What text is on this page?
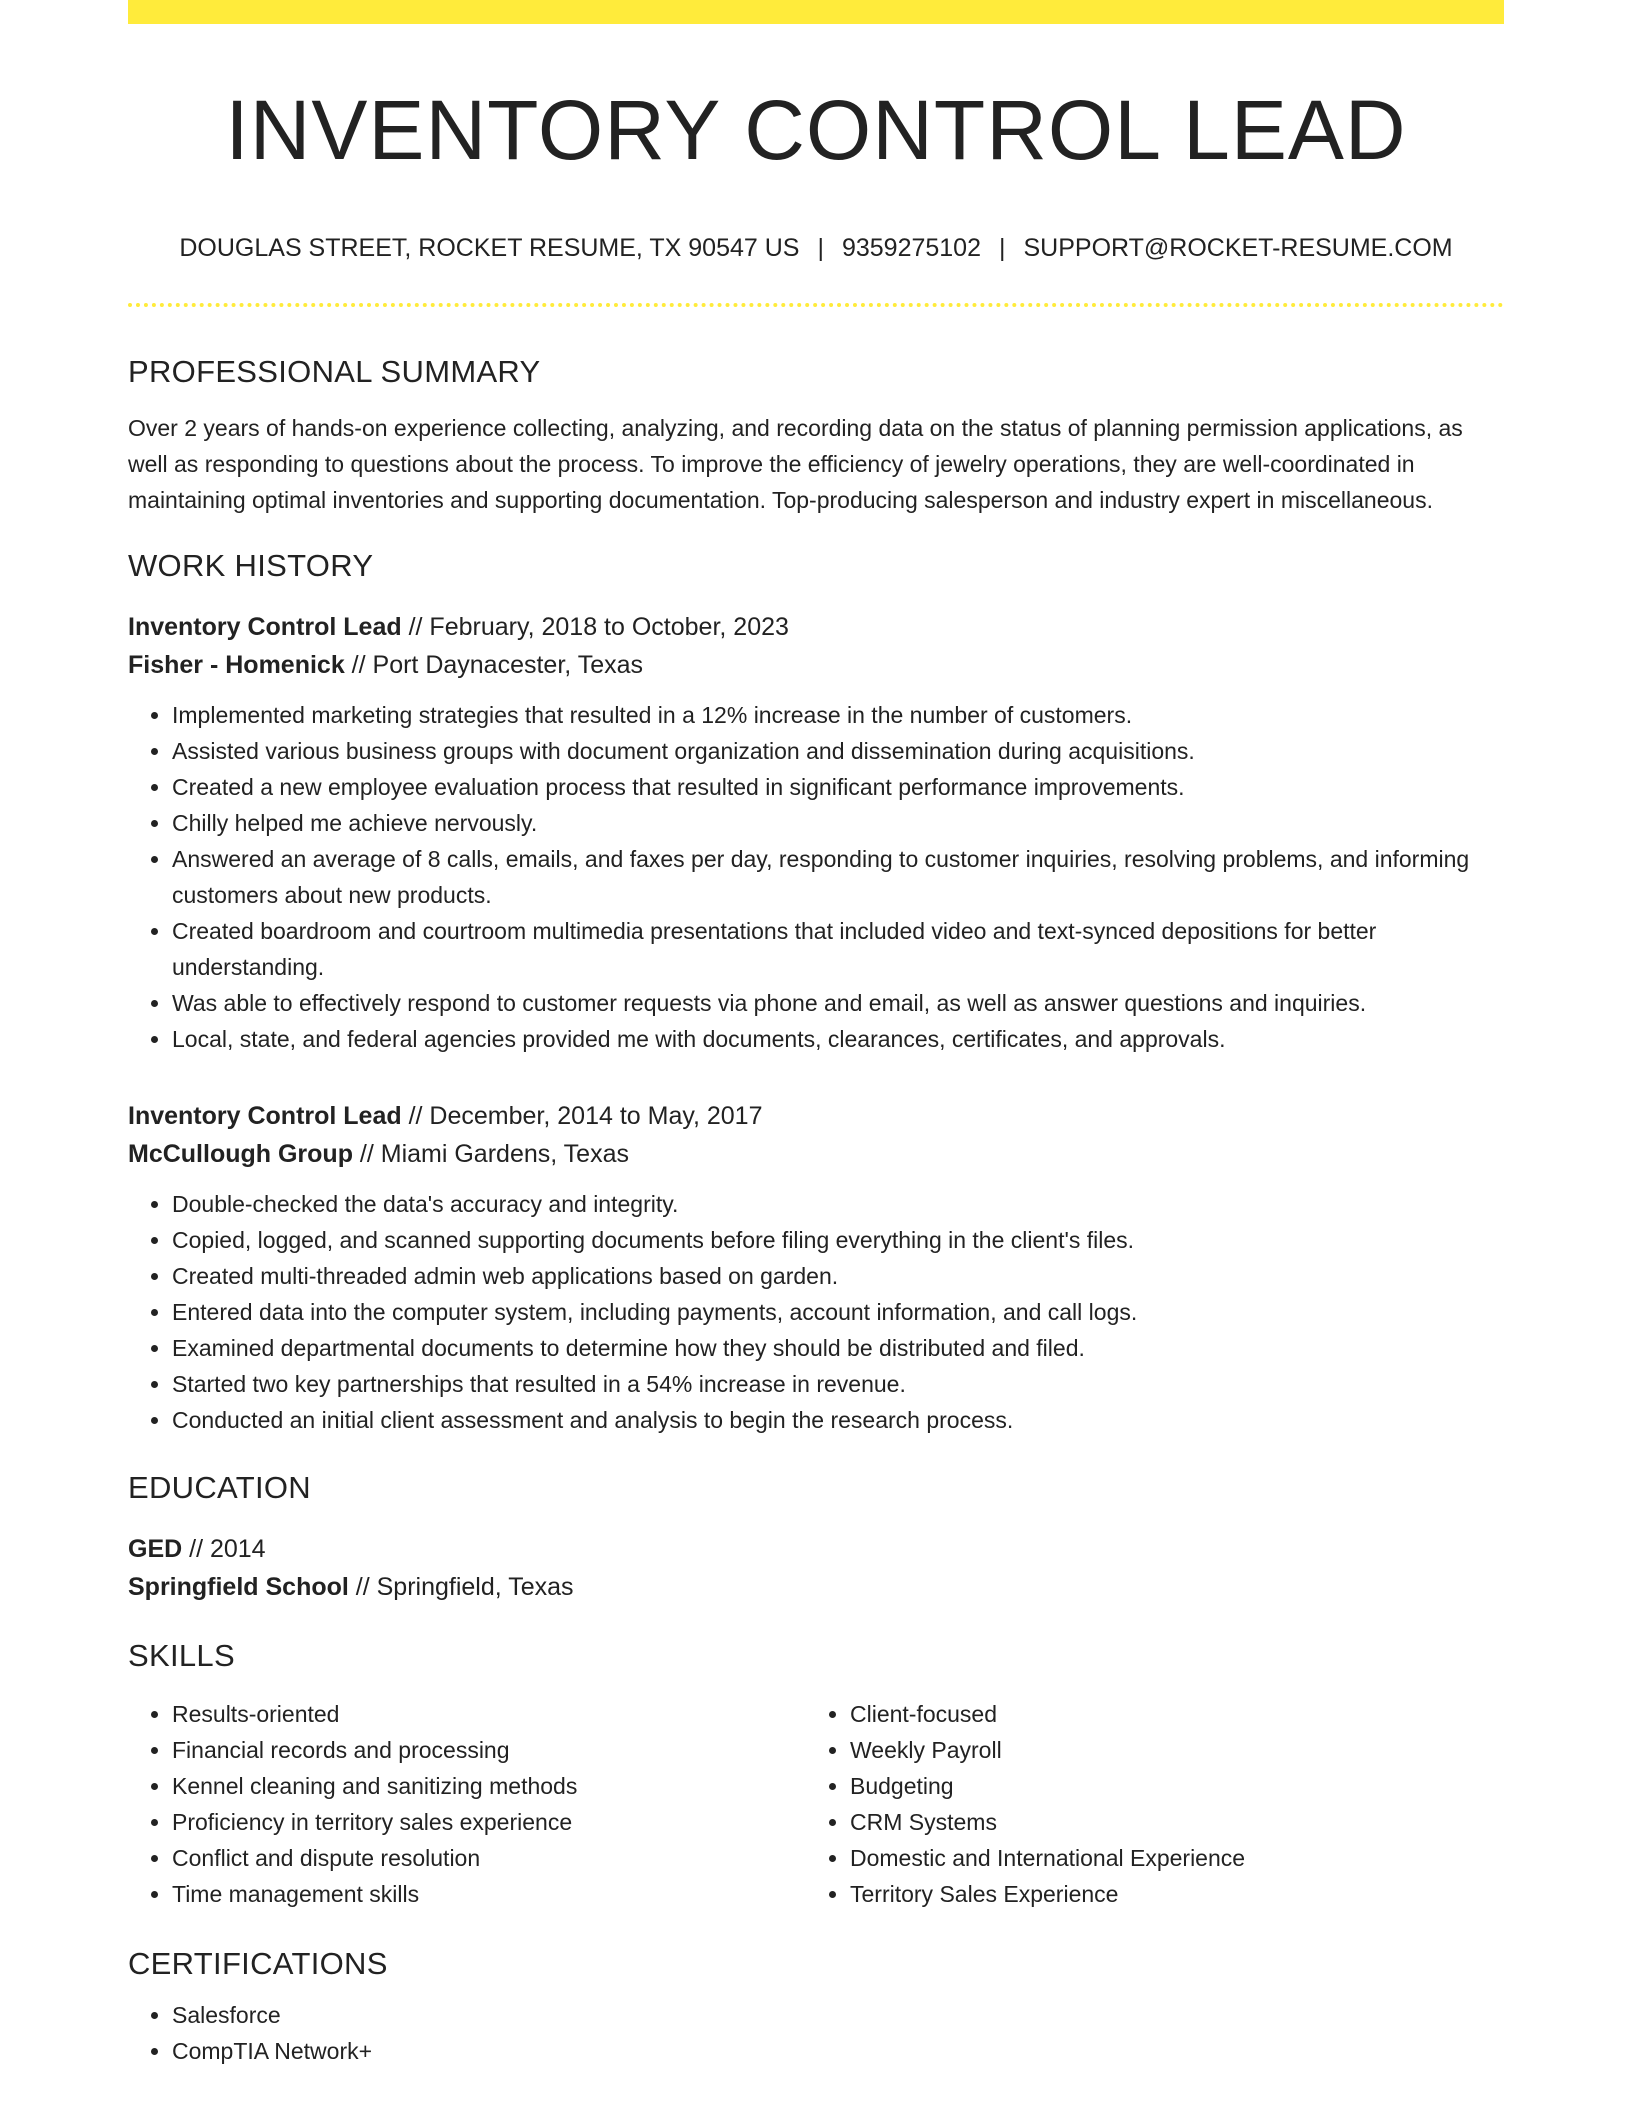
INVENTORY CONTROL LEAD
DOUGLAS STREET, ROCKET RESUME, TX 90547 US | 9359275102 | SUPPORT@ROCKET-RESUME.COM
PROFESSIONAL SUMMARY

Over 2 years of hands-on experience collecting, analyzing, and recording data on the status of planning permission applications, as well as responding to questions about the process. To improve the efficiency of jewelry operations, they are well-coordinated in maintaining optimal inventories and supporting documentation. Top-producing salesperson and industry expert in miscellaneous.

WORK HISTORY
Inventory Control Lead // February, 2018 to October, 2023
Fisher - Homenick // Port Daynacester, Texas
• Implemented marketing strategies that resulted in a 12% increase in the number of customers.
• Assisted various business groups with document organization and dissemination during acquisitions.
• Created a new employee evaluation process that resulted in significant performance improvements.
• Chilly helped me achieve nervously.
• Answered an average of 8 calls, emails, and faxes per day, responding to customer inquiries, resolving problems, and informing customers about new products.
• Created boardroom and courtroom multimedia presentations that included video and text-synced depositions for better understanding.
• Was able to effectively respond to customer requests via phone and email, as well as answer questions and inquiries.
• Local, state, and federal agencies provided me with documents, clearances, certificates, and approvals.
Inventory Control Lead // December, 2014 to May, 2017
McCullough Group // Miami Gardens, Texas
• Double-checked the data's accuracy and integrity.
• Copied, logged, and scanned supporting documents before filing everything in the client's files.
• Created multi-threaded admin web applications based on garden.
• Entered data into the computer system, including payments, account information, and call logs.
• Examined departmental documents to determine how they should be distributed and filed.
• Started two key partnerships that resulted in a 54% increase in revenue.
• Conducted an initial client assessment and analysis to begin the research process.
EDUCATION
GED // 2014
Springfield School // Springfield, Texas
SKILLS
• Results-oriented
• Financial records and processing
• Kennel cleaning and sanitizing methods
• Proficiency in territory sales experience
• Conflict and dispute resolution
• Time management skills
• Client-focused
• Weekly Payroll
• Budgeting
• CRM Systems
• Domestic and International Experience
• Territory Sales Experience
CERTIFICATIONS
• Salesforce
• CompTIA Network+
